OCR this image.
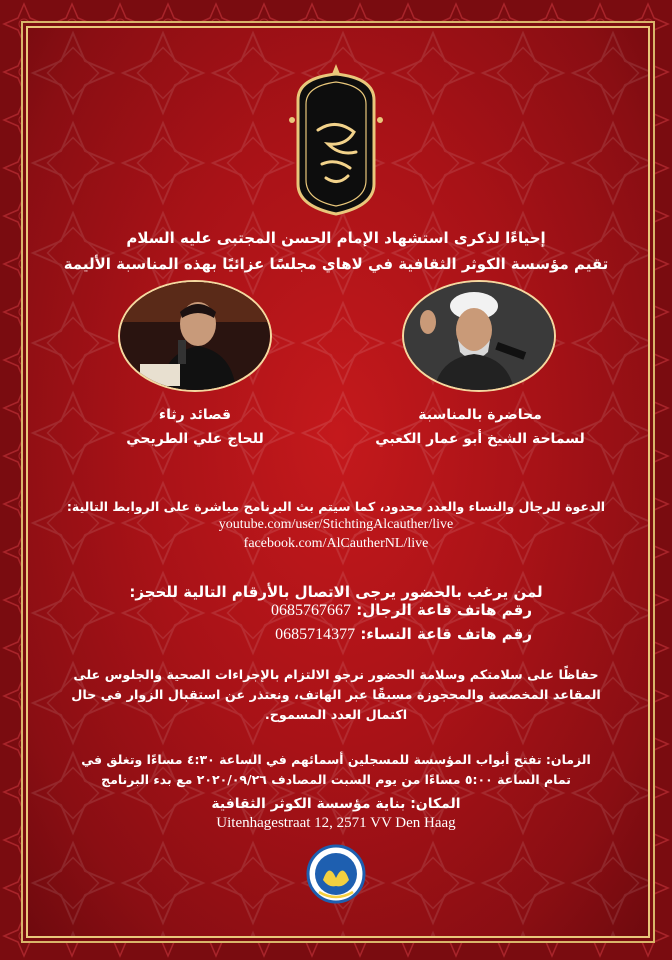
إحياءًا لذكرى استشهاد الإمام الحسن المجتبى عليه السلام
تقيم مؤسسة الكوثر الثقافية في لاهاي مجلسًا عزائيًا بهذه المناسبة الأليمة
قصائد رثاء
للحاج علي الطريحي
محاضرة بالمناسبة
لسماحة الشيخ أبو عمار الكعبي
الدعوة للرجال والنساء والعدد محدود، كما سيتم بث البرنامج مباشرة على الروابط التالية:
youtube.com/user/StichtingAlcauther/live
facebook.com/AlCautherNL/live
لمن يرغب بالحضور يرجى الاتصال بالأرقام التالية للحجز:
رقم هاتف قاعة الرجال: 0685767667
رقم هاتف قاعة النساء: 0685714377
حفاظًا على سلامتكم وسلامة الحضور نرجو الالتزام بالإجراءات الصحية والجلوس على
المقاعد المخصصة والمحجوزة مسبقًا عبر الهاتف، ونعتذر عن استقبال الزوار في حال
اكتمال العدد المسموح.
الزمان: تفتح أبواب المؤسسة للمسجلين أسمائهم في الساعة ٤:٣٠ مساءًا وتغلق في
تمام الساعة ٥:٠٠ مساءًا من يوم السبت المصادف ٢٠٢٠/٠٩/٢٦ مع بدء البرنامج
المكان: بناية مؤسسة الكوثر الثقافية
Uitenhagestraat 12, 2571 VV Den Haag
